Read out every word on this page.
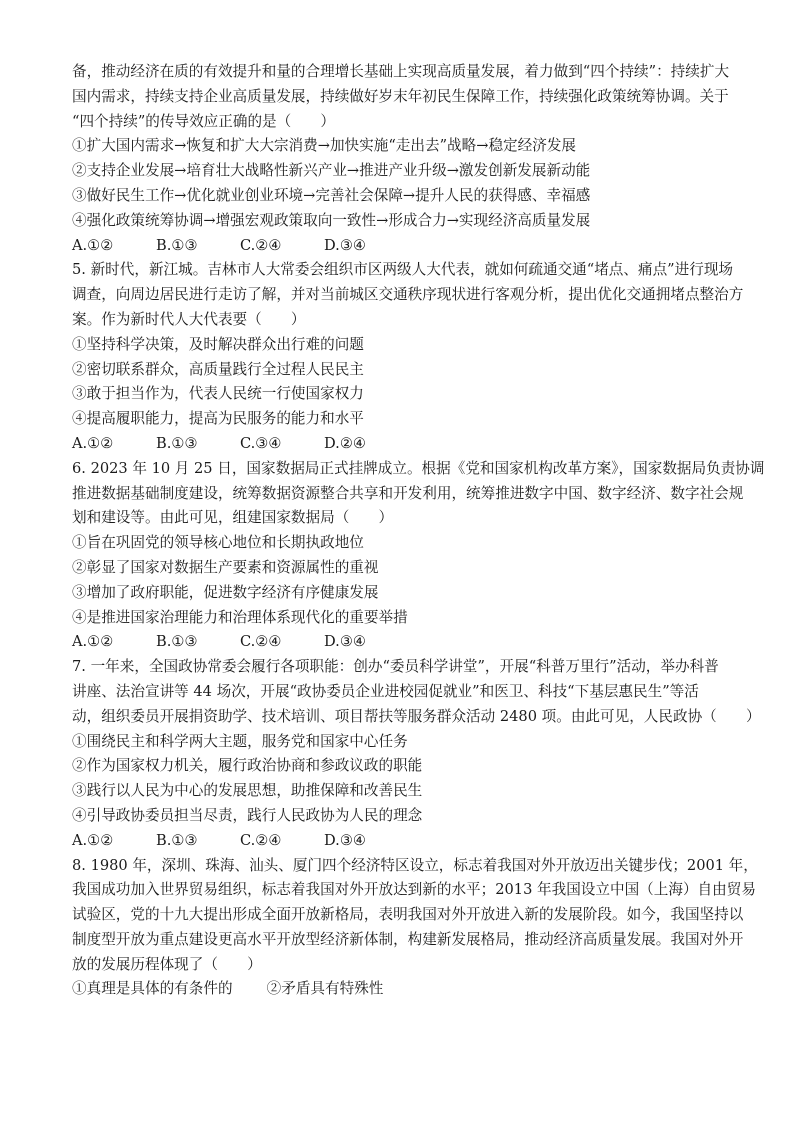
备，推动经济在质的有效提升和量的合理增长基础上实现高质量发展，着力做到“四个持续”：持续扩大
国内需求，持续支持企业高质量发展，持续做好岁末年初民生保障工作，持续强化政策统筹协调。关于
“四个持续”的传导效应正确的是（　　）
①扩大国内需求→恢复和扩大大宗消费→加快实施“走出去”战略→稳定经济发展
②支持企业发展→培育壮大战略性新兴产业→推进产业升级→激发创新发展新动能
③做好民生工作→优化就业创业环境→完善社会保障→提升人民的获得感、幸福感
④强化政策统筹协调→增强宏观政策取向一致性→形成合力→实现经济高质量发展
A.①②	B.①③	C.②④	D.③④
5. 新时代，新江城。吉林市人大常委会组织市区两级人大代表，就如何疏通交通“堵点、痛点”进行现场
调查，向周边居民进行走访了解，并对当前城区交通秩序现状进行客观分析，提出优化交通拥堵点整治方
案。作为新时代人大代表要（　　）
①坚持科学决策，及时解决群众出行难的问题
②密切联系群众，高质量践行全过程人民民主
③敢于担当作为，代表人民统一行使国家权力
④提高履职能力，提高为民服务的能力和水平
A.①②	B.①③	C.③④	D.②④
6. 2023 年 10 月 25 日，国家数据局正式挂牌成立。根据《党和国家机构改革方案》，国家数据局负责协调
推进数据基础制度建设，统筹数据资源整合共享和开发利用，统筹推进数字中国、数字经济、数字社会规
划和建设等。由此可见，组建国家数据局（　　）
①旨在巩固党的领导核心地位和长期执政地位
②彰显了国家对数据生产要素和资源属性的重视
③增加了政府职能，促进数字经济有序健康发展
④是推进国家治理能力和治理体系现代化的重要举措
A.①②	B.①③	C.②④	D.③④
7. 一年来，全国政协常委会履行各项职能：创办“委员科学讲堂”，开展“科普万里行”活动，举办科普
讲座、法治宣讲等 44 场次，开展“政协委员企业进校园促就业”和医卫、科技“下基层惠民生”等活
动，组织委员开展捐资助学、技术培训、项目帮扶等服务群众活动 2480 项。由此可见，人民政协（　　）
①围绕民主和科学两大主题，服务党和国家中心任务
②作为国家权力机关，履行政治协商和参政议政的职能
③践行以人民为中心的发展思想，助推保障和改善民生
④引导政协委员担当尽责，践行人民政协为人民的理念
A.①②	B.①③	C.②④	D.③④
8. 1980 年，深圳、珠海、汕头、厦门四个经济特区设立，标志着我国对外开放迈出关键步伐；2001 年，
我国成功加入世界贸易组织，标志着我国对外开放达到新的水平；2013 年我国设立中国（上海）自由贸易
试验区，党的十九大提出形成全面开放新格局，表明我国对外开放进入新的发展阶段。如今，我国坚持以
制度型开放为重点建设更高水平开放型经济新体制，构建新发展格局，推动经济高质量发展。我国对外开
放的发展历程体现了（　　）
①真理是具体的有条件的 ②矛盾具有特殊性
